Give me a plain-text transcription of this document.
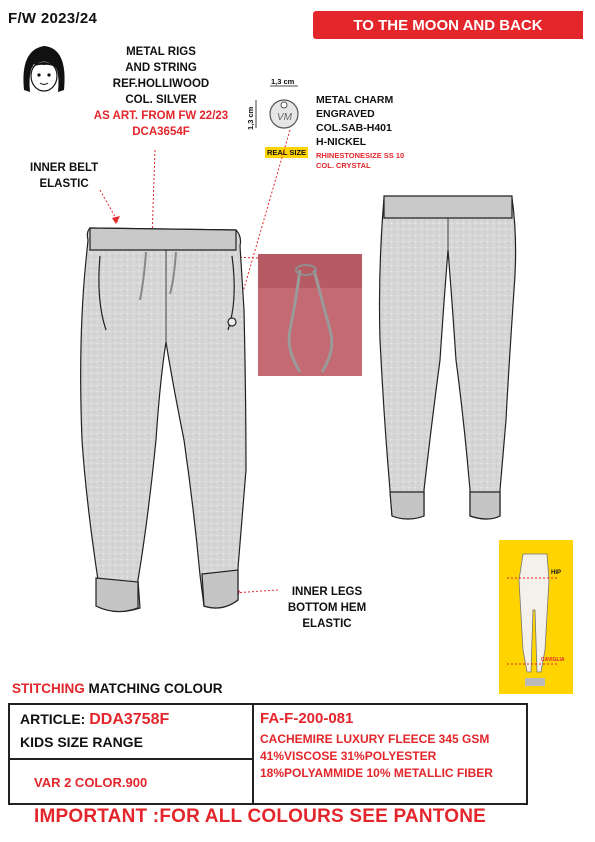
F/W 2023/24	TO THE MOON AND BACK
METAL RIGS
AND STRING
REF.HOLLIWOOD
COL. SILVER
AS ART. FROM FW 22/23
DCA3654F
VM
1,3 cm
1,3 cm
REAL SIZE
METAL CHARM
ENGRAVED
COL.SAB-H401
H-NICKEL
RHINESTONESIZE SS 10
COL. CRYSTAL
INNER BELT
ELASTIC
INNER LEGS
BOTTOM HEM
ELASTIC
HIP
CAVIGLIA
STITCHING MATCHING COLOUR
ARTICLE: DDA3758F
KIDS SIZE RANGE
VAR 2 COLOR.900
FA-F-200-081
CACHEMIRE LUXURY FLEECE 345 GSM
41%VISCOSE 31%POLYESTER
18%POLYAMMIDE 10% METALLIC FIBER
IMPORTANT :FOR ALL COLOURS SEE PANTONE
